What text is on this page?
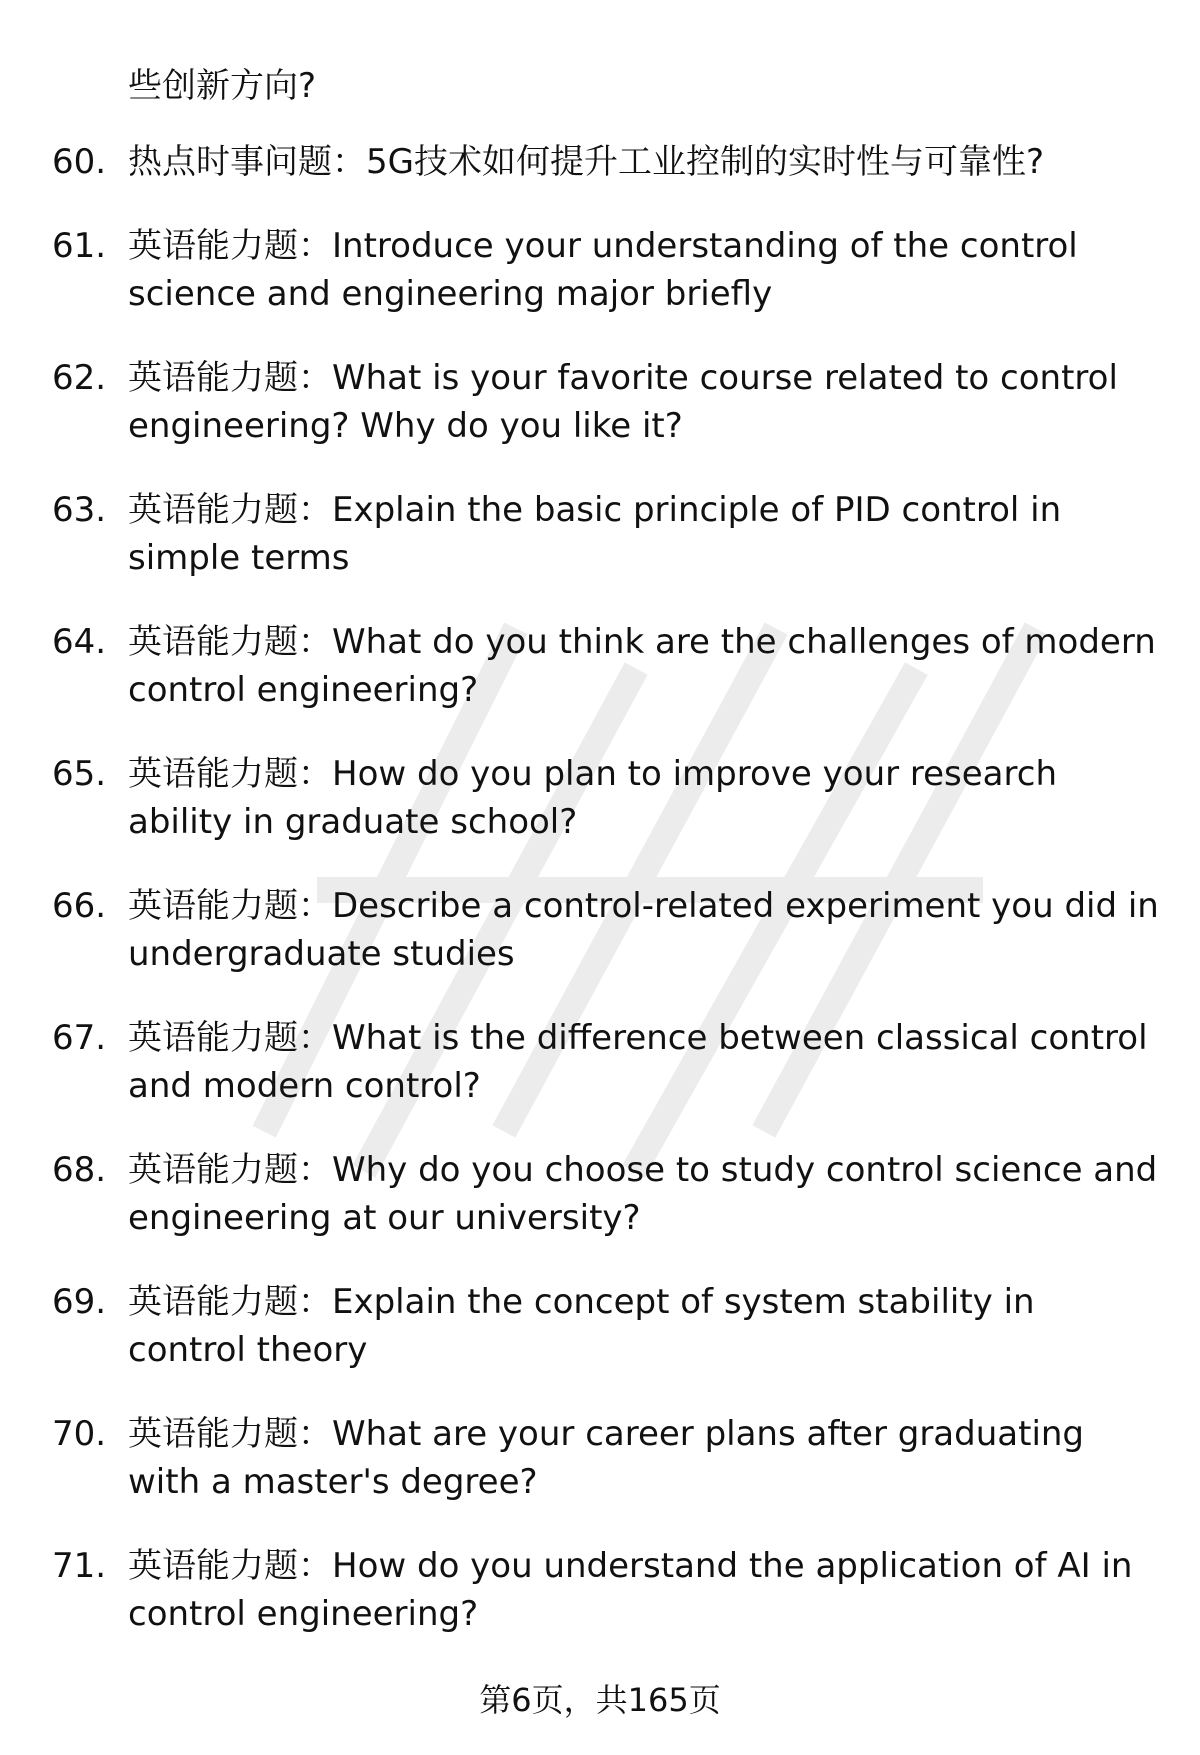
些创新方向?

60. 热点时事问题：5G技术如何提升工业控制的实时性与可靠性?
61. 英语能力题：Introduce your understanding of the control science and engineering major briefly
62. 英语能力题：What is your favorite course related to control engineering? Why do you like it?
63. 英语能力题：Explain the basic principle of PID control in simple terms
64. 英语能力题：What do you think are the challenges of modern control engineering?
65. 英语能力题：How do you plan to improve your research ability in graduate school?
66. 英语能力题：Describe a control-related experiment you did in undergraduate studies
67. 英语能力题：What is the difference between classical control and modern control?
68. 英语能力题：Why do you choose to study control science and engineering at our university?
69. 英语能力题：Explain the concept of system stability in control theory
70. 英语能力题：What are your career plans after graduating with a master's degree?
71. 英语能力题：How do you understand the application of AI in control engineering?
第6页，共165页
